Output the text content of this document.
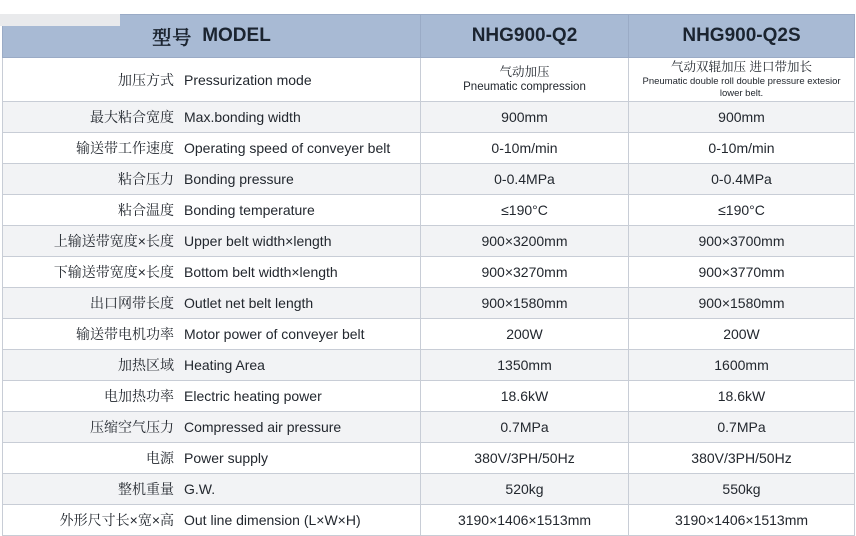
型号 MODEL	NHG900-Q2	NHG900-Q2S

加压方式 Pressurization mode	气动加压
Pneumatic compression	气动双辊加压 进口带加长
Pneumatic double roll double pressure extesior lower belt.

最大粘合宽度 Max.bonding width	900mm	900mm

输送带工作速度 Operating speed of conveyer belt	0-10m/min	0-10m/min

粘合压力 Bonding pressure	0-0.4MPa	0-0.4MPa

粘合温度 Bonding temperature	≤190°C	≤190°C

上输送带宽度×长度 Upper belt width×length	900×3200mm	900×3700mm

下输送带宽度×长度 Bottom belt width×length	900×3270mm	900×3770mm

出口网带长度 Outlet net belt length	900×1580mm	900×1580mm

输送带电机功率 Motor power of conveyer belt	200W	200W

加热区域 Heating Area	1350mm	1600mm

电加热功率 Electric heating power	18.6kW	18.6kW

压缩空气压力 Compressed air pressure	0.7MPa	0.7MPa

电源 Power supply	380V/3PH/50Hz	380V/3PH/50Hz

整机重量 G.W.	520kg	550kg

外形尺寸长×宽×高 Out line dimension (L×W×H)	3190×1406×1513mm	3190×1406×1513mm
